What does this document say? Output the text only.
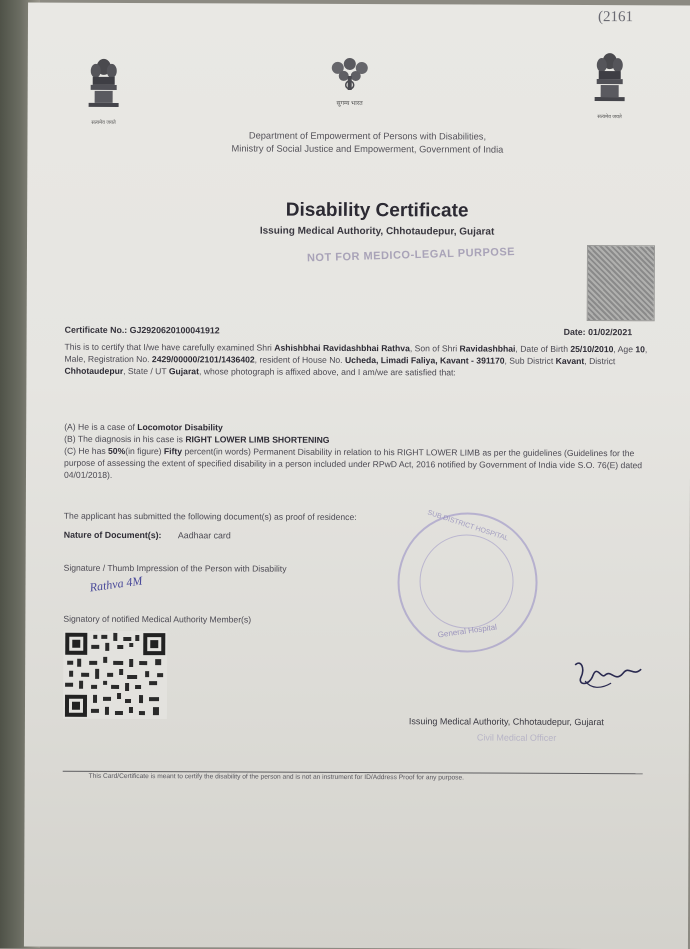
(2161
सत्यमेव जयते
सुगम्य भारत
सत्यमेव जयते
Department of Empowerment of Persons with Disabilities,
Ministry of Social Justice and Empowerment, Government of India
Disability Certificate
Issuing Medical Authority, Chhotaudepur, Gujarat
NOT FOR MEDICO-LEGAL PURPOSE
Certificate No.: GJ2920620100041912	Date: 01/02/2021
This is to certify that I/we have carefully examined Shri Ashishbhai Ravidashbhai Rathva, Son of Shri Ravidashbhai, Date of Birth 25/10/2010, Age 10, Male, Registration No. 2429/00000/2101/1436402, resident of House No. Ucheda, Limadi Faliya, Kavant - 391170, Sub District Kavant, District Chhotaudepur, State / UT Gujarat, whose photograph is affixed above, and I am/we are satisfied that:
(A) He is a case of Locomotor Disability
(B) The diagnosis in his case is RIGHT LOWER LIMB SHORTENING
(C) He has 50%(in figure) Fifty percent(in words) Permanent Disability in relation to his RIGHT LOWER LIMB as per the guidelines (Guidelines for the purpose of assessing the extent of specified disability in a person included under RPwD Act, 2016 notified by Government of India vide S.O. 76(E) dated 04/01/2018).
The applicant has submitted the following document(s) as proof of residence:
Nature of Document(s): Aadhaar card
Signature / Thumb Impression of the Person with Disability
Rathva 4M
Signatory of notified Medical Authority Member(s)
SUB DISTRICT HOSPITAL
General Hospital
Issuing Medical Authority, Chhotaudepur, Gujarat
Civil Medical Officer
This Card/Certificate is meant to certify the disability of the person and is not an instrument for ID/Address Proof for any purpose.
